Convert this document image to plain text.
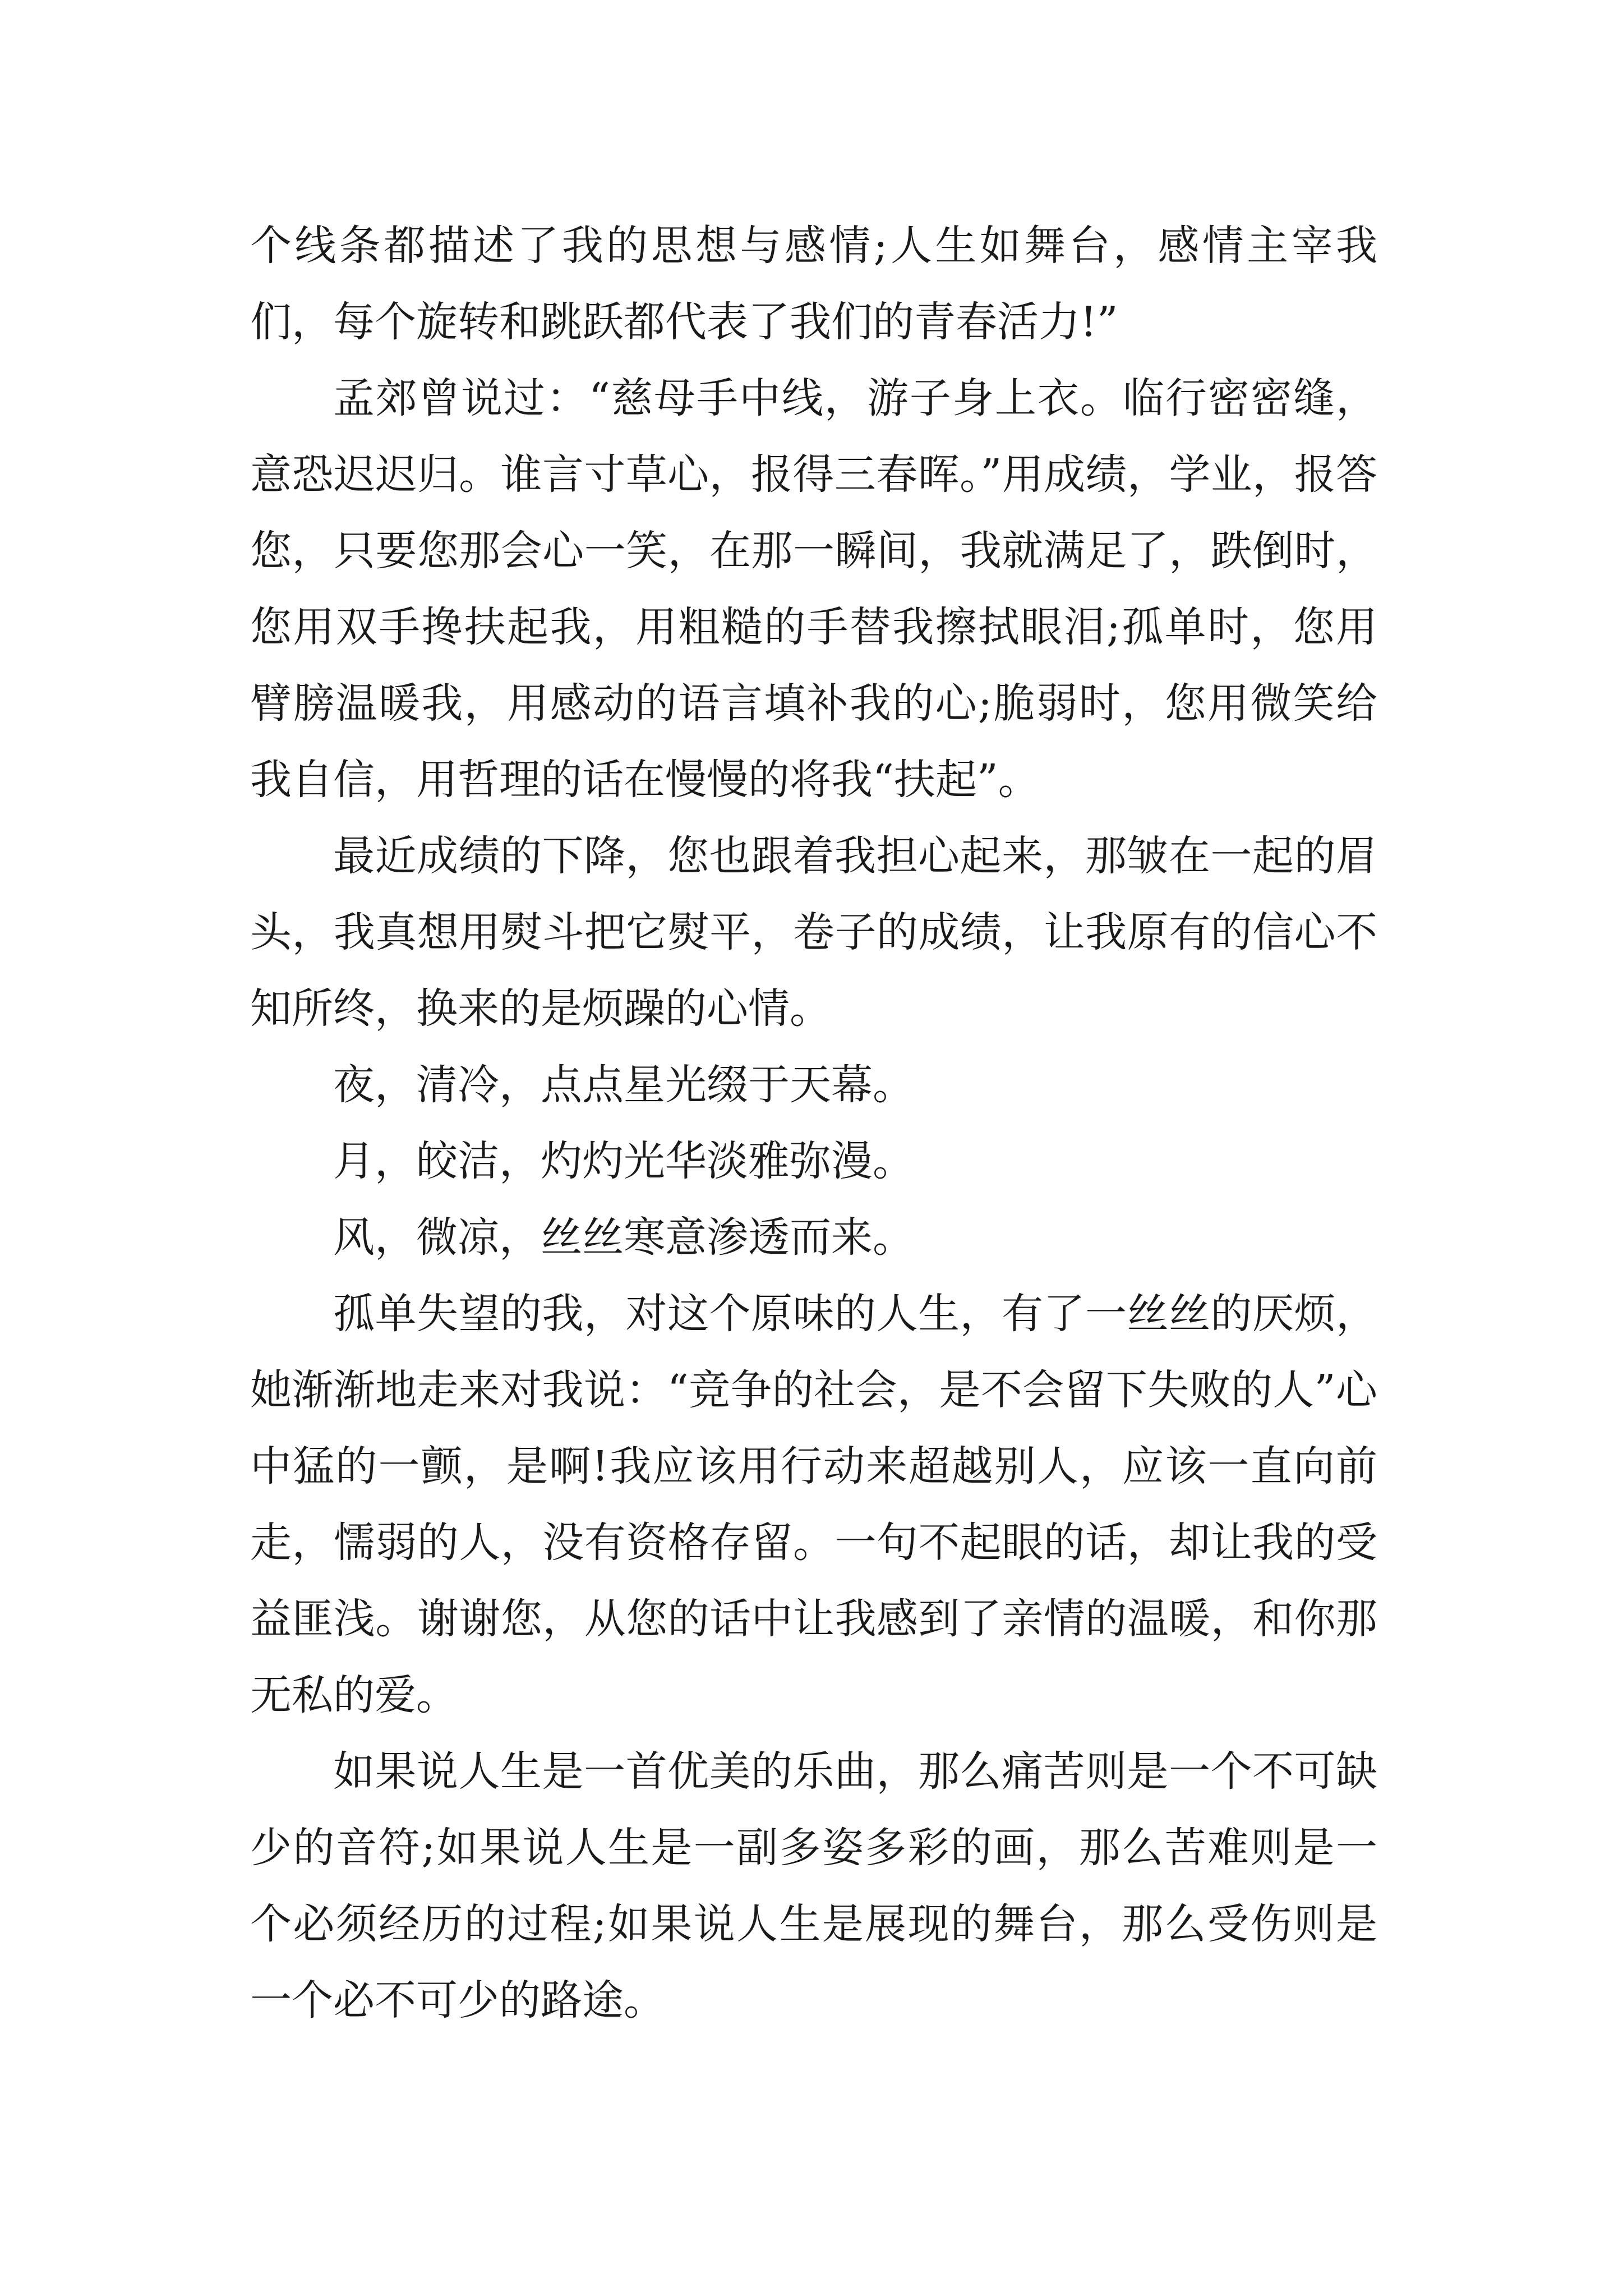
个线条都描述了我的思想与感情;人生如舞台，感情主宰我们，每个旋转和跳跃都代表了我们的青春活力!”

孟郊曾说过：“慈母手中线，游子身上衣。临行密密缝，意恐迟迟归。谁言寸草心，报得三春晖。”用成绩，学业，报答您，只要您那会心一笑，在那一瞬间，我就满足了，跌倒时，您用双手搀扶起我，用粗糙的手替我擦拭眼泪;孤单时，您用臂膀温暖我，用感动的语言填补我的心;脆弱时，您用微笑给我自信，用哲理的话在慢慢的将我“扶起”。

最近成绩的下降，您也跟着我担心起来，那皱在一起的眉头，我真想用熨斗把它熨平，卷子的成绩，让我原有的信心不知所终，换来的是烦躁的心情。

夜，清冷，点点星光缀于天幕。

月，皎洁，灼灼光华淡雅弥漫。

风，微凉，丝丝寒意渗透而来。

孤单失望的我，对这个原味的人生，有了一丝丝的厌烦，她渐渐地走来对我说：“竞争的社会，是不会留下失败的人”心中猛的一颤，是啊!我应该用行动来超越别人，应该一直向前走，懦弱的人，没有资格存留。一句不起眼的话，却让我的受益匪浅。谢谢您，从您的话中让我感到了亲情的温暖，和你那无私的爱。

如果说人生是一首优美的乐曲，那么痛苦则是一个不可缺少的音符;如果说人生是一副多姿多彩的画，那么苦难则是一个必须经历的过程;如果说人生是展现的舞台，那么受伤则是一个必不可少的路途。
